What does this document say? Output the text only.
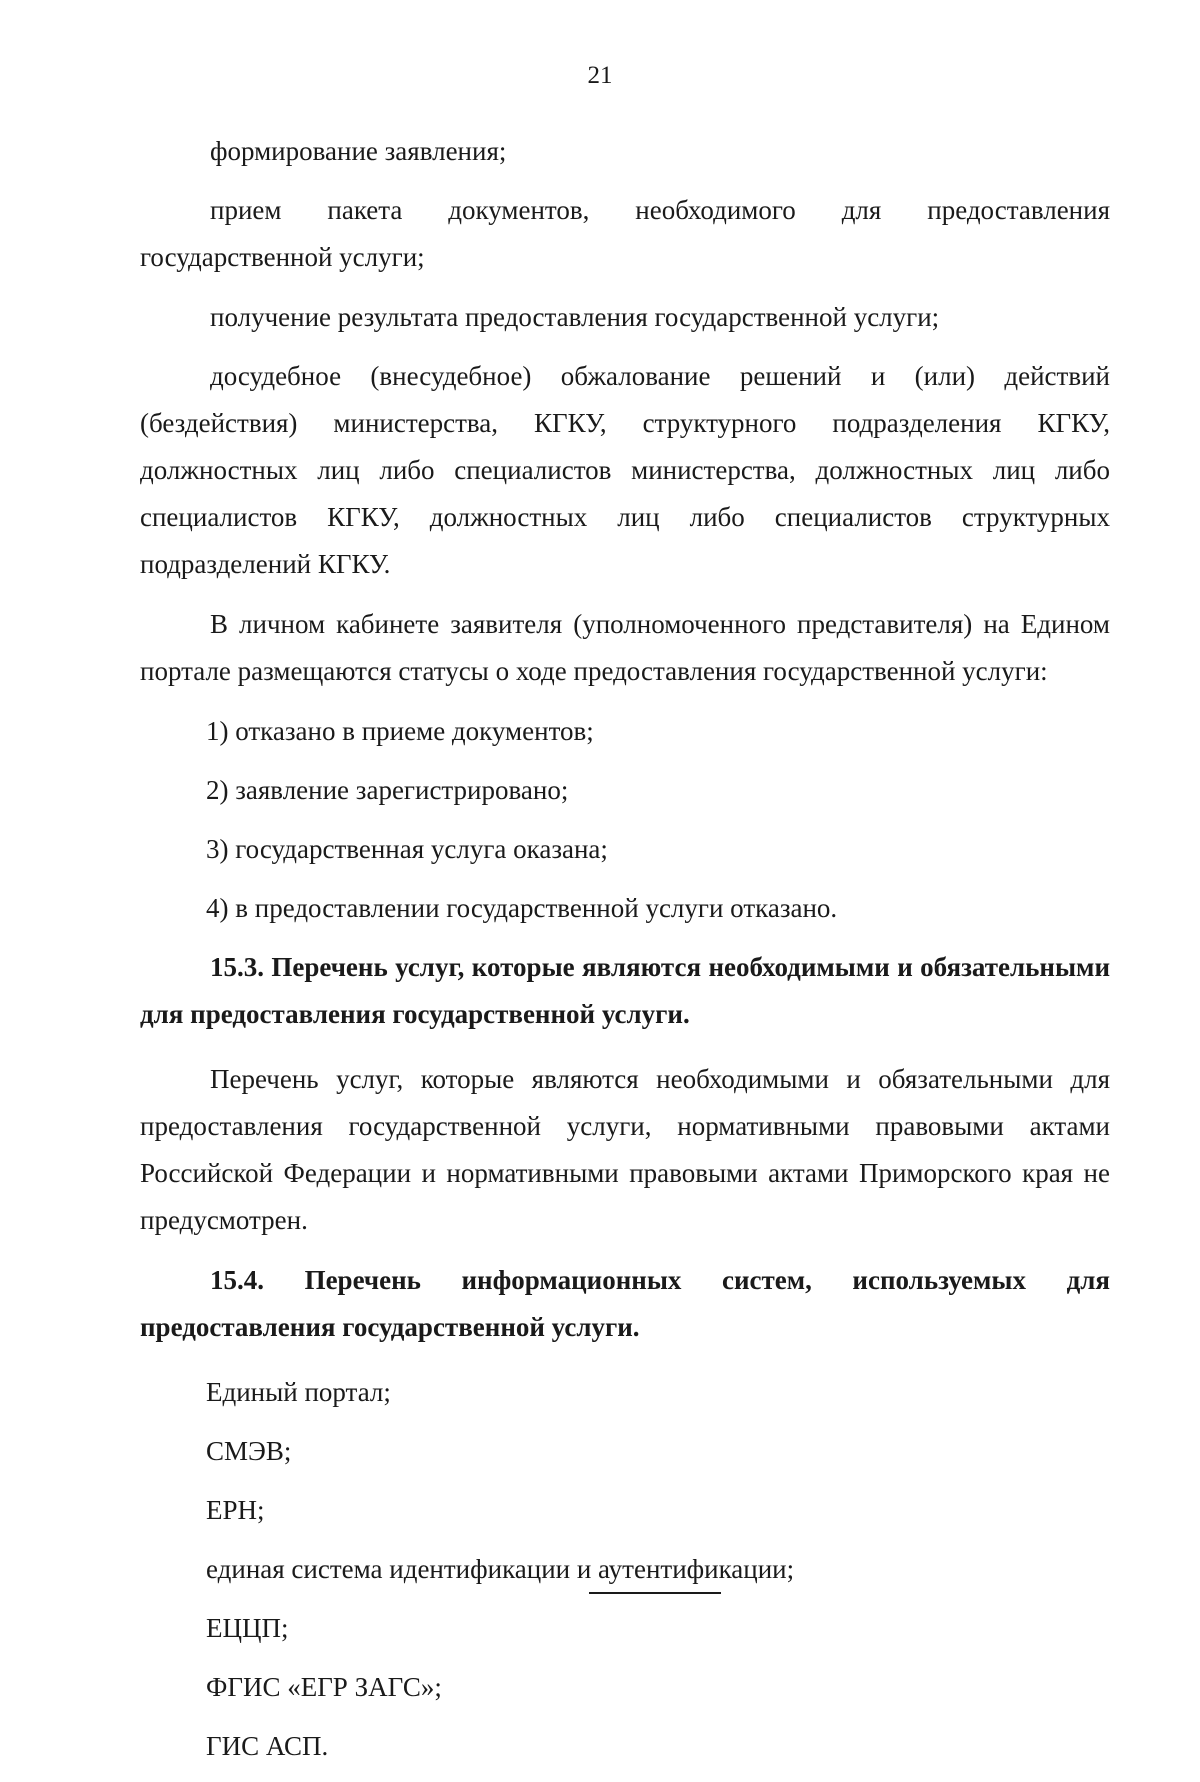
21

формирование заявления;

прием пакета документов, необходимого для предоставления государственной услуги;

получение результата предоставления государственной услуги;

досудебное (внесудебное) обжалование решений и (или) действий (бездействия) министерства, КГКУ, структурного подразделения КГКУ, должностных лиц либо специалистов министерства, должностных лиц либо специалистов КГКУ, должностных лиц либо специалистов структурных подразделений КГКУ.

В личном кабинете заявителя (уполномоченного представителя) на Едином портале размещаются статусы о ходе предоставления государственной услуги:

1) отказано в приеме документов;
2) заявление зарегистрировано;
3) государственная услуга оказана;
4) в предоставлении государственной услуги отказано.

15.3. Перечень услуг, которые являются необходимыми и обязательными для предоставления государственной услуги.

Перечень услуг, которые являются необходимыми и обязательными для предоставления государственной услуги, нормативными правовыми актами Российской Федерации и нормативными правовыми актами Приморского края не предусмотрен.

15.4. Перечень информационных систем, используемых для предоставления государственной услуги.

Единый портал;
СМЭВ;
ЕРН;
единая система идентификации и аутентификации;
ЕЦЦП;
ФГИС «ЕГР ЗАГС»;
ГИС АСП.
